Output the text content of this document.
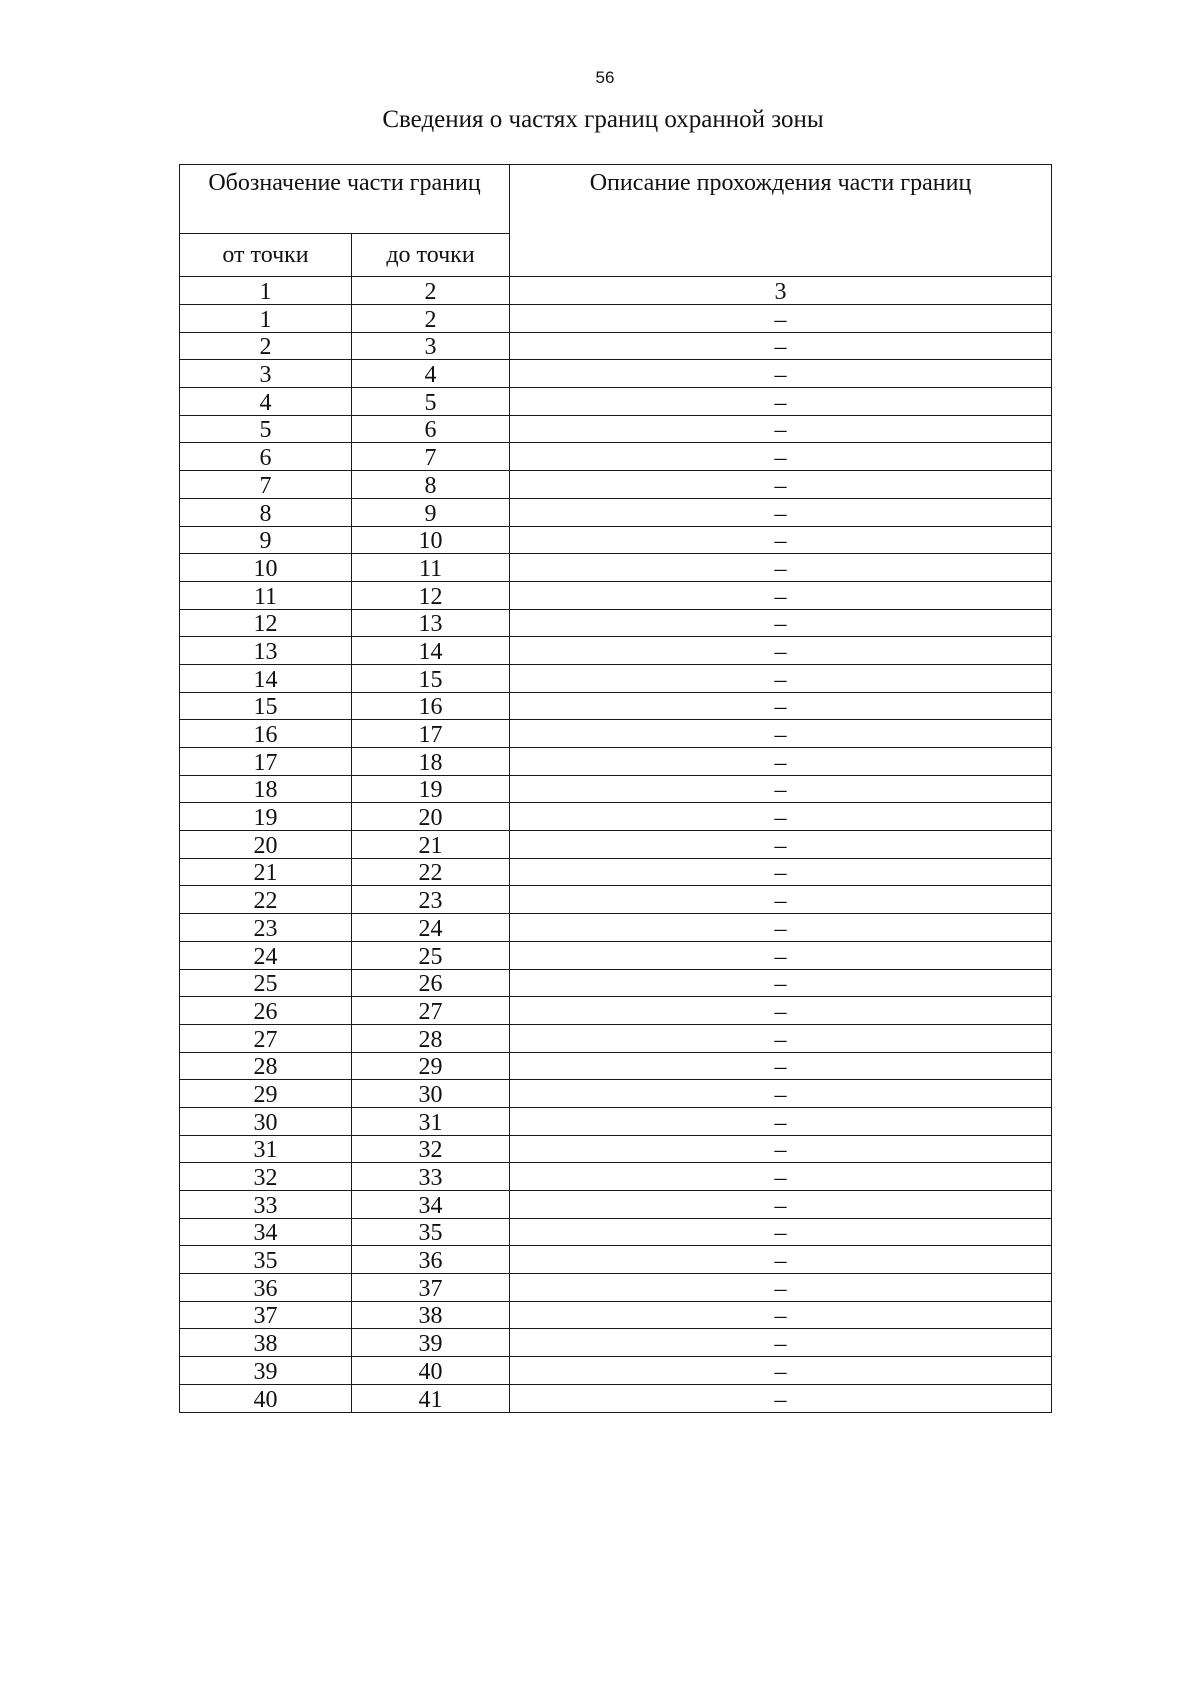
56
Сведения о частях границ охранной зоны
Обозначение части границ		Описание прохождения части границ
от точки	до точки	
1	2	3
1	2	–
2	3	–
3	4	–
4	5	–
5	6	–
6	7	–
7	8	–
8	9	–
9	10	–
10	11	–
11	12	–
12	13	–
13	14	–
14	15	–
15	16	–
16	17	–
17	18	–
18	19	–
19	20	–
20	21	–
21	22	–
22	23	–
23	24	–
24	25	–
25	26	–
26	27	–
27	28	–
28	29	–
29	30	–
30	31	–
31	32	–
32	33	–
33	34	–
34	35	–
35	36	–
36	37	–
37	38	–
38	39	–
39	40	–
40	41	–
